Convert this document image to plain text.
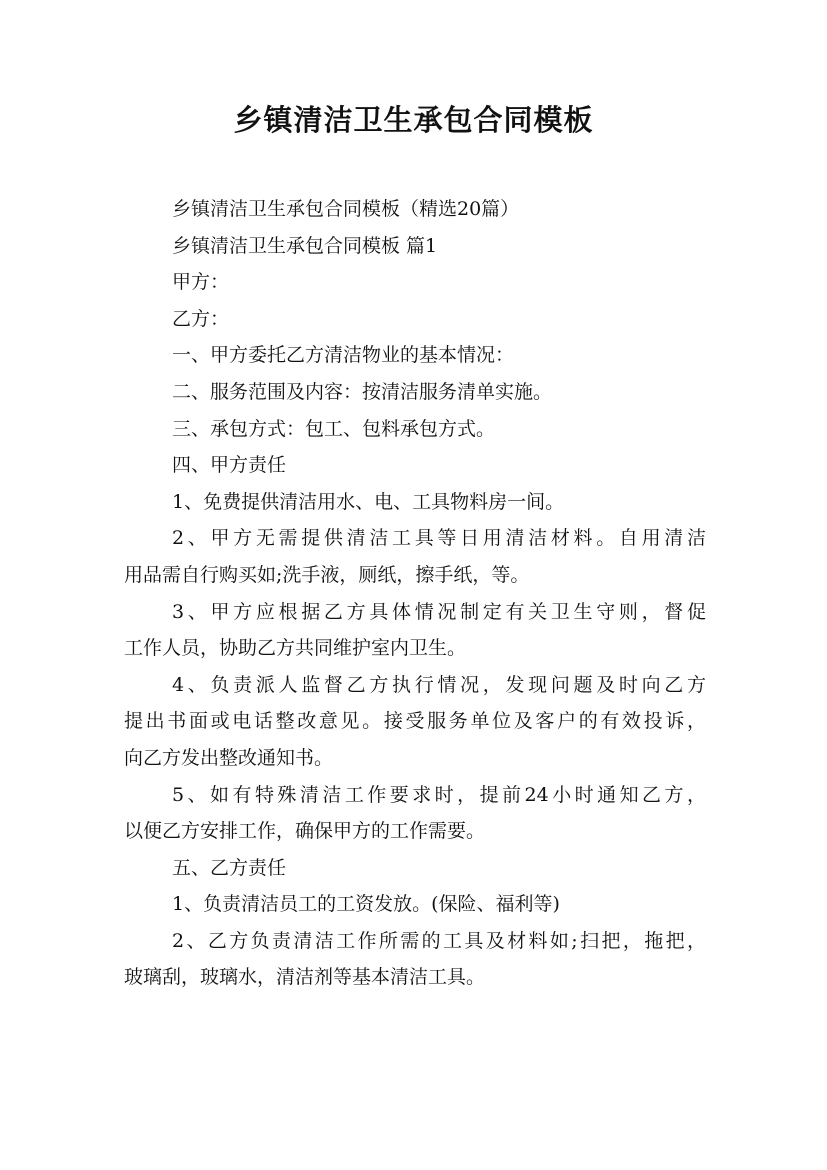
乡镇清洁卫生承包合同模板

乡镇清洁卫生承包合同模板（精选20篇）

乡镇清洁卫生承包合同模板 篇1

甲方：

乙方：

一、甲方委托乙方清洁物业的基本情况：

二、服务范围及内容：按清洁服务清单实施。

三、承包方式：包工、包料承包方式。

四、甲方责任

1、免费提供清洁用水、电、工具物料房一间。

2、甲方无需提供清洁工具等日用清洁材料。自用清洁

用品需自行购买如;洗手液，厕纸，擦手纸，等。

3、甲方应根据乙方具体情况制定有关卫生守则，督促

工作人员，协助乙方共同维护室内卫生。

4、负责派人监督乙方执行情况，发现问题及时向乙方

提出书面或电话整改意见。接受服务单位及客户的有效投诉，

向乙方发出整改通知书。

5、如有特殊清洁工作要求时，提前24小时通知乙方，

以便乙方安排工作，确保甲方的工作需要。

五、乙方责任

1、负责清洁员工的工资发放。(保险、福利等)

2、乙方负责清洁工作所需的工具及材料如;扫把，拖把，

玻璃刮，玻璃水，清洁剂等基本清洁工具。
